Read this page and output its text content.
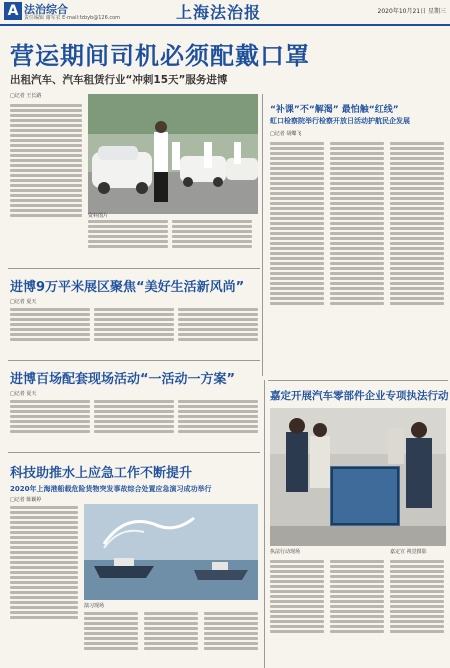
A 法治综合
责任编辑 谢军农 E-mail:fzbyb@126.com	上海法治报	2020年10月21日 星期三
营运期间司机必须配戴口罩
出租汽车、汽车租赁行业“冲刺15天”服务进博
□记者 王长路
资料图片
“补课”不“解渴” 最怕触“红线”
虹口检察院举行检察开放日活动护航民企发展
□记者 胡蝶飞
进博9万平米展区聚焦“美好生活新风尚”
□记者 夏天
进博百场配套现场活动“一活动一方案”
□记者 夏天	嘉定开展汽车零部件企业专项执法行动
执法行动现场	嘉定宣 视觉摄影
科技助推水上应急工作不断提升
2020年上海港船载危险货物突发事故综合处置应急演习成功举行
□记者 陈颖婷
演习现场
